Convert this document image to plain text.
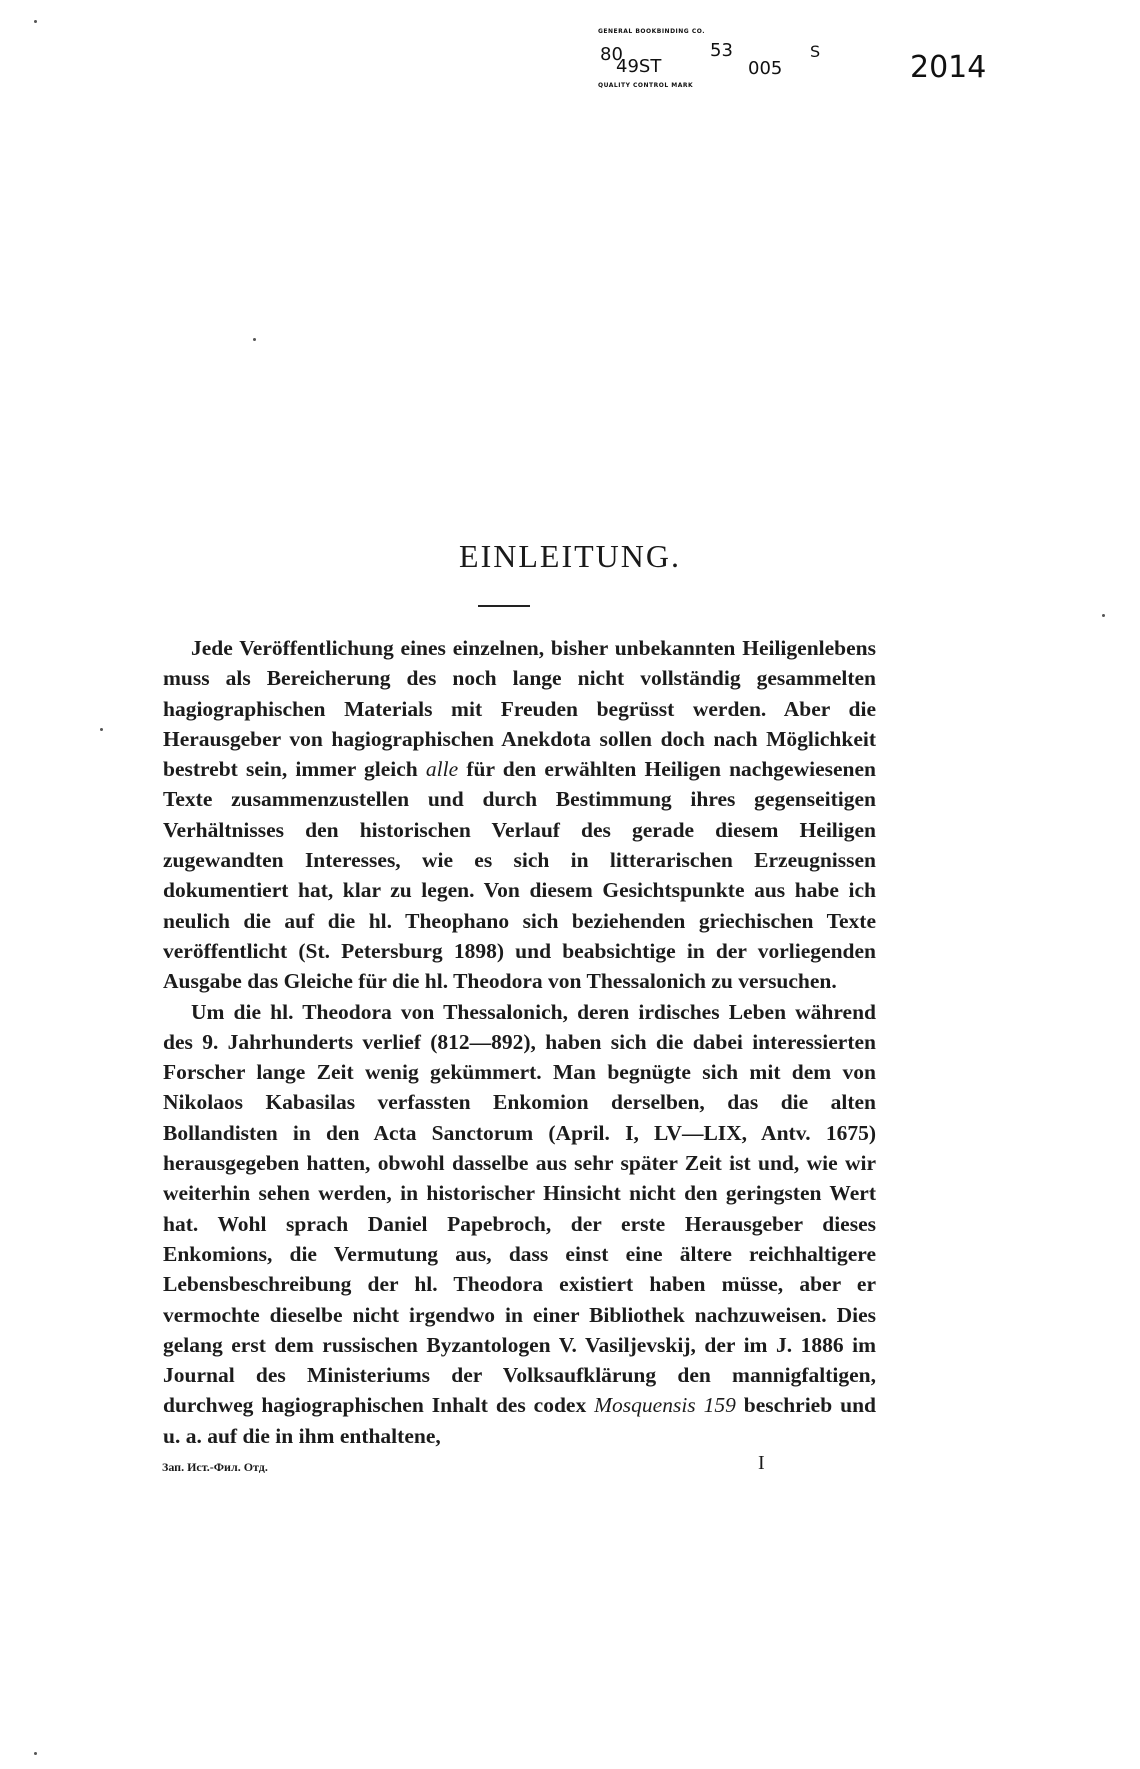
GENERAL BOOKBINDING CO.
80
49ST
53
005
S	2014
QUALITY CONTROL MARK
EINLEITUNG.

Jede Veröffentlichung eines einzelnen, bisher unbekannten Heiligenlebens muss als Bereicherung des noch lange nicht vollständig gesammelten hagiographischen Materials mit Freuden begrüsst werden. Aber die Herausgeber von hagiographischen Anekdota sollen doch nach Möglichkeit bestrebt sein, immer gleich alle für den erwählten Heiligen nachgewiesenen Texte zusammenzustellen und durch Bestimmung ihres gegenseitigen Verhältnisses den historischen Verlauf des gerade diesem Heiligen zugewandten Interesses, wie es sich in litterarischen Erzeugnissen dokumentiert hat, klar zu legen. Von diesem Gesichtspunkte aus habe ich neulich die auf die hl. Theophano sich beziehenden griechischen Texte veröffentlicht (St. Petersburg 1898) und beabsichtige in der vorliegenden Ausgabe das Gleiche für die hl. Theodora von Thessalonich zu versuchen.

Um die hl. Theodora von Thessalonich, deren irdisches Leben während des 9. Jahrhunderts verlief (812—892), haben sich die dabei interessierten Forscher lange Zeit wenig gekümmert. Man begnügte sich mit dem von Nikolaos Kabasilas verfassten Enkomion derselben, das die alten Bollandisten in den Acta Sanctorum (April. I, LV—LIX, Antv. 1675) herausgegeben hatten, obwohl dasselbe aus sehr später Zeit ist und, wie wir weiterhin sehen werden, in historischer Hinsicht nicht den geringsten Wert hat. Wohl sprach Daniel Papebroch, der erste Herausgeber dieses Enkomions, die Vermutung aus, dass einst eine ältere reichhaltigere Lebensbeschreibung der hl. Theodora existiert haben müsse, aber er vermochte dieselbe nicht irgendwo in einer Bibliothek nachzuweisen. Dies gelang erst dem russischen Byzantologen V. Vasiljevskij, der im J. 1886 im Journal des Ministeriums der Volksaufklärung den mannigfaltigen, durchweg hagiographischen Inhalt des codex Mosquensis 159 beschrieb und u. a. auf die in ihm enthaltene,

Зап. Ист.-Фил. Отд.	I
